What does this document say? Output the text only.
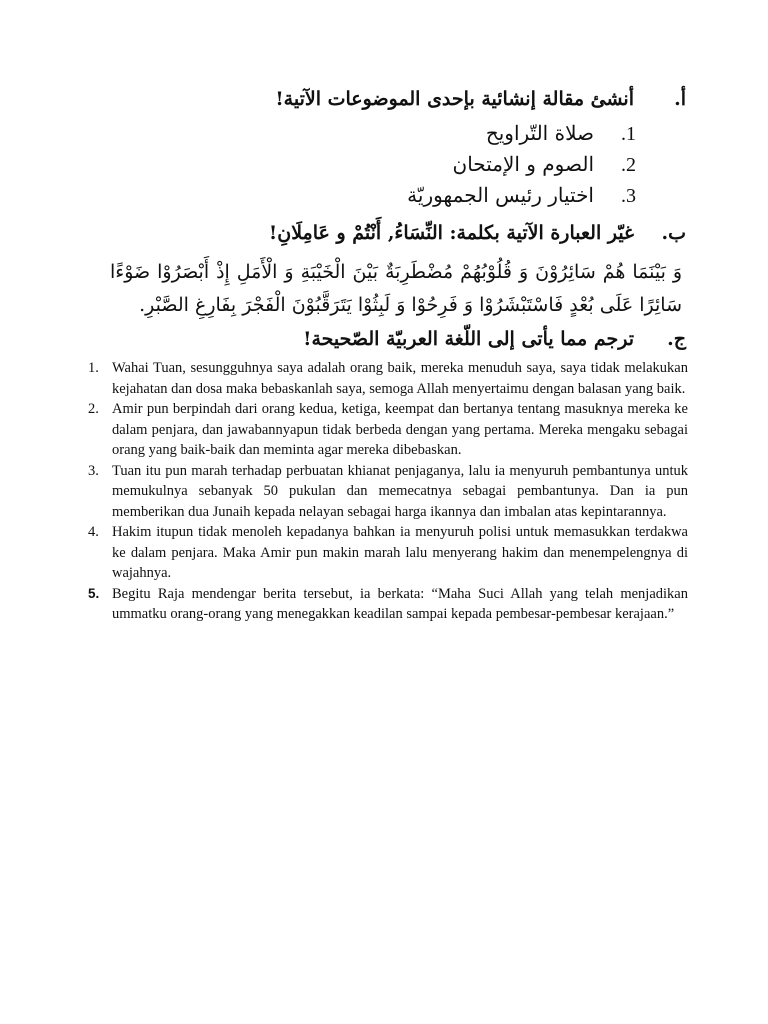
أ.
أنشئ مقالة إنشائية بإحدى الموضوعات الآتية!
1.
صلاة التّراويح
2.
الصوم و الإمتحان
3.
اختيار رئيس الجمهوريّة
ب.
غيّر العبارة الآتية بكلمة: النِّسَاءُ, أَنْتُمْ و عَامِلَانِ!
وَ بَيْنَمَا هُمْ سَائِرُوْنَ وَ قُلُوْبُهُمْ مُضْطَرِبَةٌ بَيْنَ الْخَيْبَةِ وَ الْأَمَلِ إِذْ أَبْصَرُوْا ضَوْءًا سَائِرًا عَلَى بُعْدٍ فَاسْتَبْشَرُوْا وَ فَرِحُوْا وَ لَبِثُوْا يَتَرَقَّبُوْنَ الْفَجْرَ بِفَارِغِ الصَّبْرِ.
ج.
ترجم مما يأتى إلى اللّغة العربيّة الصّحيحة!
1. Wahai Tuan, sesungguhnya saya adalah orang baik, mereka menuduh saya, saya tidak melakukan kejahatan dan dosa maka bebaskanlah saya, semoga Allah menyertaimu dengan balasan yang baik.
2. Amir pun berpindah dari orang kedua, ketiga, keempat dan bertanya tentang masuknya mereka ke dalam penjara, dan jawabannyapun tidak berbeda dengan yang pertama. Mereka mengaku sebagai orang yang baik-baik dan meminta agar mereka dibebaskan.
3. Tuan itu pun marah terhadap perbuatan khianat penjaganya, lalu ia menyuruh pembantunya untuk memukulnya sebanyak 50 pukulan dan memecatnya sebagai pembantunya. Dan ia pun memberikan dua Junaih kepada nelayan sebagai harga ikannya dan imbalan atas kepintarannya.
4. Hakim itupun tidak menoleh kepadanya bahkan ia menyuruh polisi untuk memasukkan terdakwa ke dalam penjara. Maka Amir pun makin marah lalu menyerang hakim dan menempelengnya di wajahnya.
5. Begitu Raja mendengar berita tersebut, ia berkata: “Maha Suci Allah yang telah menjadikan ummatku orang-orang yang menegakkan keadilan sampai kepada pembesar-pembesar kerajaan.”
